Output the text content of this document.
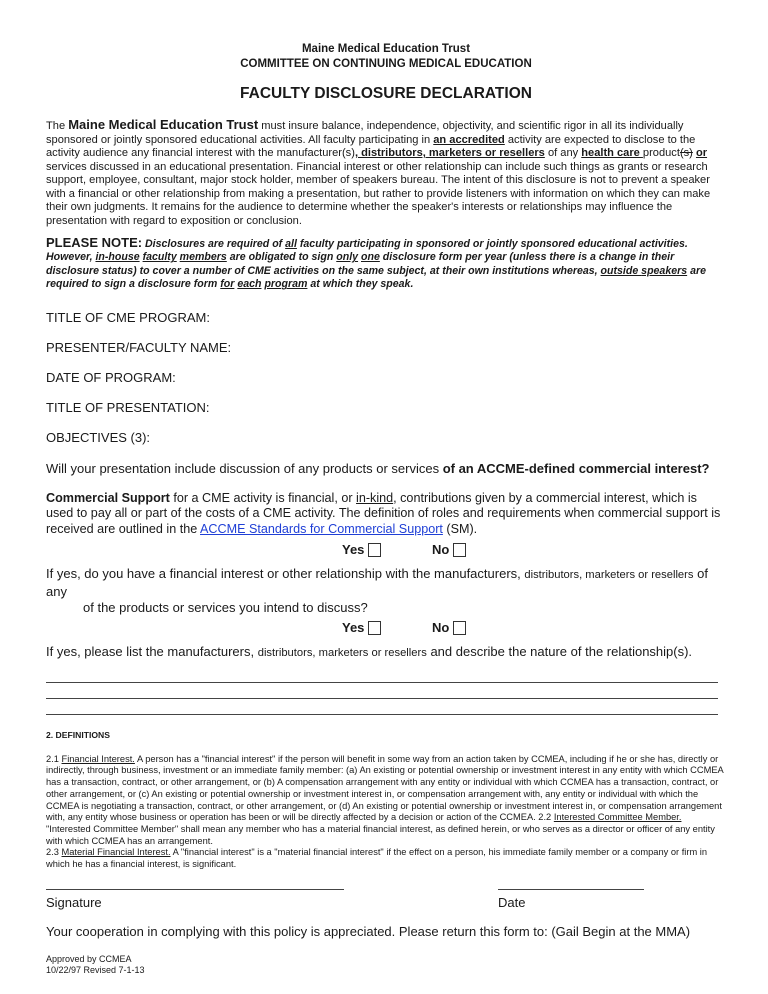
Maine Medical Education Trust
COMMITTEE ON CONTINUING MEDICAL EDUCATION
FACULTY DISCLOSURE DECLARATION
The Maine Medical Education Trust must insure balance, independence, objectivity, and scientific rigor in all its individually sponsored or jointly sponsored educational activities. All faculty participating in an accredited activity are expected to disclose to the activity audience any financial interest with the manufacturer(s), distributors, marketers or resellers of any health care product(s) or services discussed in an educational presentation. Financial interest or other relationship can include such things as grants or research support, employee, consultant, major stock holder, member of speakers bureau. The intent of this disclosure is not to prevent a speaker with a financial or other relationship from making a presentation, but rather to provide listeners with information on which they can make their own judgments. It remains for the audience to determine whether the speaker's interests or relationships may influence the presentation with regard to exposition or conclusion.
PLEASE NOTE: Disclosures are required of all faculty participating in sponsored or jointly sponsored educational activities. However, in-house faculty members are obligated to sign only one disclosure form per year (unless there is a change in their disclosure status) to cover a number of CME activities on the same subject, at their own institutions whereas, outside speakers are required to sign a disclosure form for each program at which they speak.
TITLE OF CME PROGRAM:
PRESENTER/FACULTY NAME:
DATE OF PROGRAM:
TITLE OF PRESENTATION:
OBJECTIVES (3):
Will your presentation include discussion of any products or services of an ACCME-defined commercial interest?
Commercial Support for a CME activity is financial, or in-kind, contributions given by a commercial interest, which is used to pay all or part of the costs of a CME activity. The definition of roles and requirements when commercial support is received are outlined in the ACCME Standards for Commercial Support (SM).
Yes	No
If yes, do you have a financial interest or other relationship with the manufacturers, distributors, marketers or resellers of any
of the products or services you intend to discuss?
Yes	No
If yes, please list the manufacturers, distributors, marketers or resellers and describe the nature of the relationship(s).
2. DEFINITIONS
2.1 Financial Interest. A person has a "financial interest" if the person will benefit in some way from an action taken by CCMEA, including if he or she has, directly or indirectly, through business, investment or an immediate family member: (a) An existing or potential ownership or investment interest in any entity with which CCMEA has a transaction, contract, or other arrangement, or (b) A compensation arrangement with any entity or individual with which CCMEA has a transaction, contract, or other arrangement, or (c) An existing or potential ownership or investment interest in, or compensation arrangement with, any entity or individual with which the CCMEA is negotiating a transaction, contract, or other arrangement, or (d) An existing or potential ownership or investment interest in, or compensation arrangement with, any entity whose business or operation has been or will be directly affected by a decision or action of the CCMEA. 2.2 Interested Committee Member. "Interested Committee Member" shall mean any member who has a material financial interest, as defined herein, or who serves as a director or officer of any entity with which CCMEA has an arrangement.
2.3 Material Financial Interest. A "financial interest" is a "material financial interest" if the effect on a person, his immediate family member or a company or firm in which he has a financial interest, is significant.
Signature	Date
Your cooperation in complying with this policy is appreciated. Please return this form to: (Gail Begin at the MMA)
Approved by CCMEA
10/22/97 Revised 7-1-13
